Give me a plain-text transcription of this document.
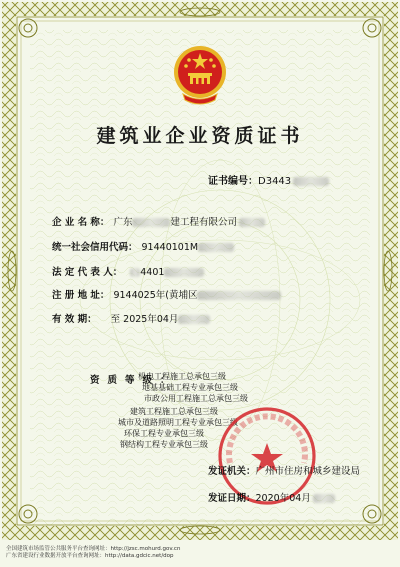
建筑业企业资质证书
证书编号：D3443
企 业 名 称： 广东	建工程有限公司
统一社会信用代码： 91440101M
法 定 代 表 人： 4401
注 册 地 址： 9144025年(黄埔区
有 效 期： 至 2025年04月
资质等级：
机电工程施工总承包三级
地基基础工程专业承包三级
市政公用工程施工总承包三级
建筑工程施工总承包三级
城市及道路照明工程专业承包三级
环保工程专业承包三级
钢结构工程专业承包三级
发证机关：广州市住房和城乡建设局
发证日期：2020年04月
全国建筑市场监管公共服务平台查询网址：http://jzsc.mohurd.gov.cn
广东省建设行业数据开放平台查询网址：http://data.gdcic.net/dop
